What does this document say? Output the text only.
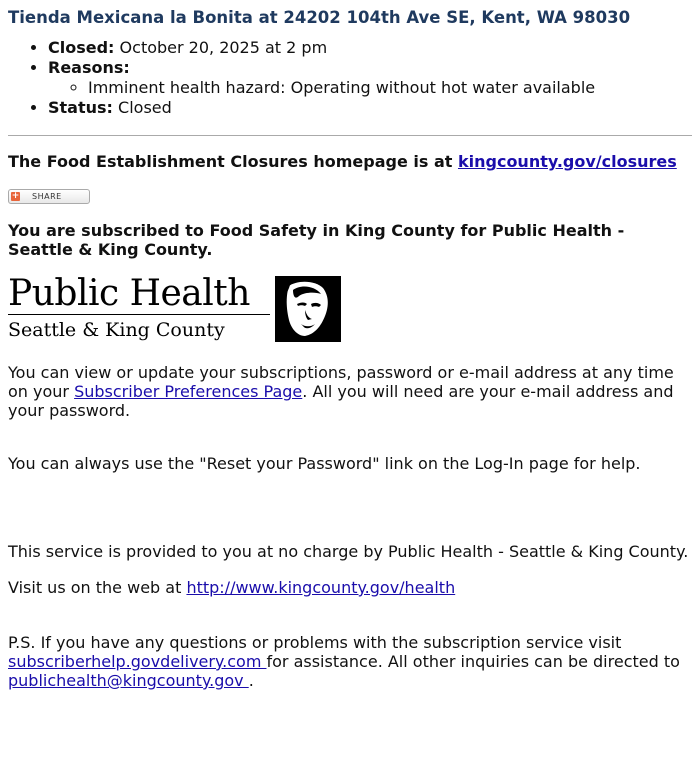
Tienda Mexicana la Bonita at 24202 104th Ave SE, Kent, WA 98030
• Closed: October 20, 2025 at 2 pm
• Reasons:
◦ Imminent health hazard: Operating without hot water available
• Status: Closed

The Food Establishment Closures homepage is at kingcounty.gov/closures

+ SHARE

You are subscribed to Food Safety in King County for Public Health - Seattle & King County.

Public Health
Seattle & King County

You can view or update your subscriptions, password or e-mail address at any time on your Subscriber Preferences Page. All you will need are your e-mail address and your password.

You can always use the "Reset your Password" link on the Log-In page for help.

This service is provided to you at no charge by Public Health - Seattle & King County.

Visit us on the web at http://www.kingcounty.gov/health

P.S. If you have any questions or problems with the subscription service visit subscriberhelp.govdelivery.com for assistance. All other inquiries can be directed to publichealth@kingcounty.gov .
